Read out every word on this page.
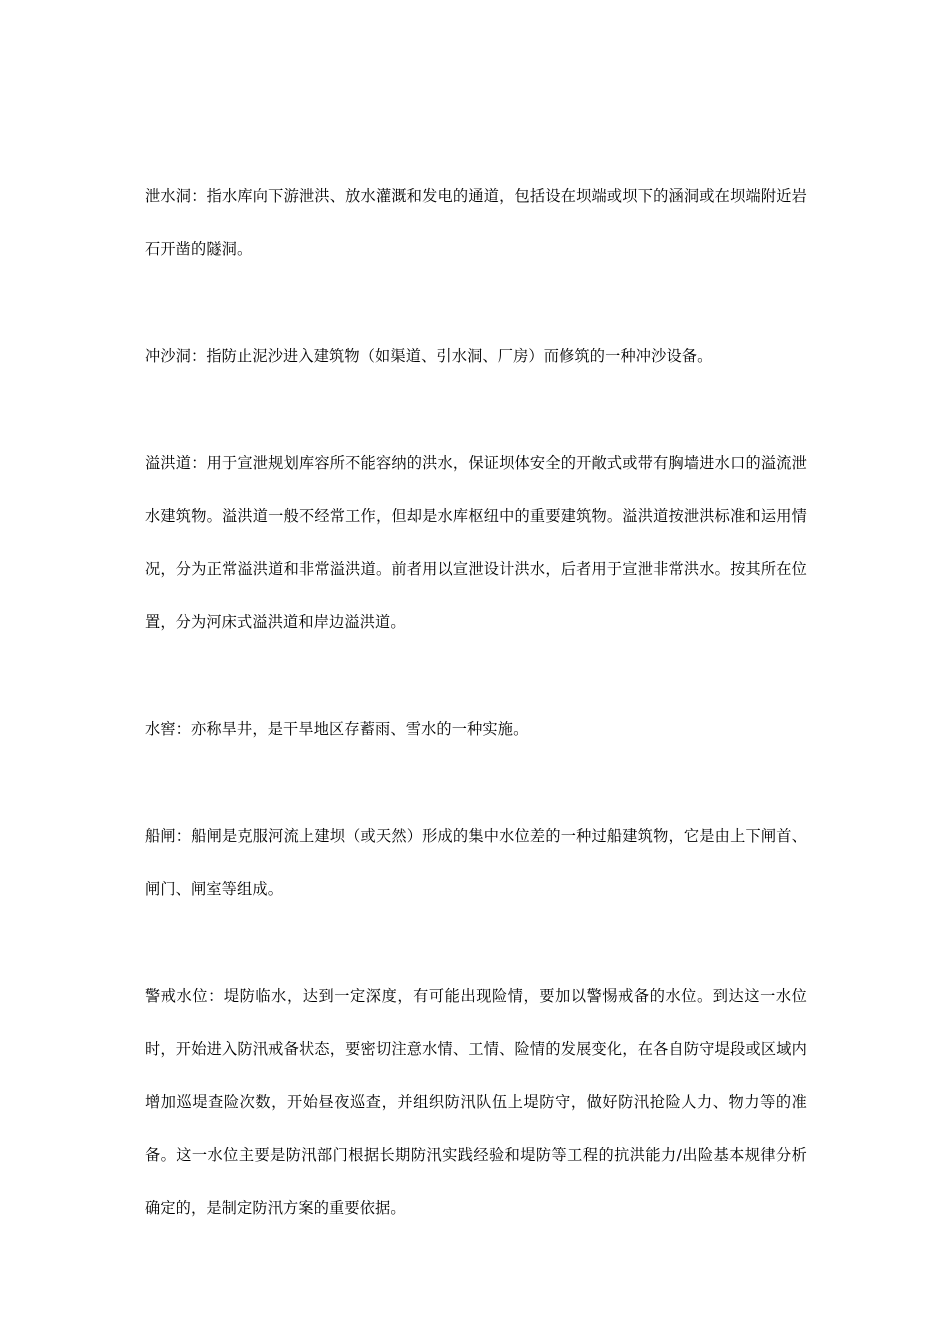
泄水洞：指水库向下游泄洪、放水灌溉和发电的通道，包括设在坝端或坝下的涵洞或在坝端附近岩石开凿的隧洞。

冲沙洞：指防止泥沙进入建筑物（如渠道、引水洞、厂房）而修筑的一种冲沙设备。

溢洪道：用于宣泄规划库容所不能容纳的洪水，保证坝体安全的开敞式或带有胸墙进水口的溢流泄水建筑物。溢洪道一般不经常工作，但却是水库枢纽中的重要建筑物。溢洪道按泄洪标准和运用情况，分为正常溢洪道和非常溢洪道。前者用以宣泄设计洪水，后者用于宣泄非常洪水。按其所在位置，分为河床式溢洪道和岸边溢洪道。

水窖：亦称旱井，是干旱地区存蓄雨、雪水的一种实施。

船闸：船闸是克服河流上建坝（或天然）形成的集中水位差的一种过船建筑物，它是由上下闸首、闸门、闸室等组成。

警戒水位：堤防临水，达到一定深度，有可能出现险情，要加以警惕戒备的水位。到达这一水位时，开始进入防汛戒备状态，要密切注意水情、工情、险情的发展变化，在各自防守堤段或区域内增加巡堤查险次数，开始昼夜巡查，并组织防汛队伍上堤防守，做好防汛抢险人力、物力等的准备。这一水位主要是防汛部门根据长期防汛实践经验和堤防等工程的抗洪能力/出险基本规律分析确定的，是制定防汛方案的重要依据。
